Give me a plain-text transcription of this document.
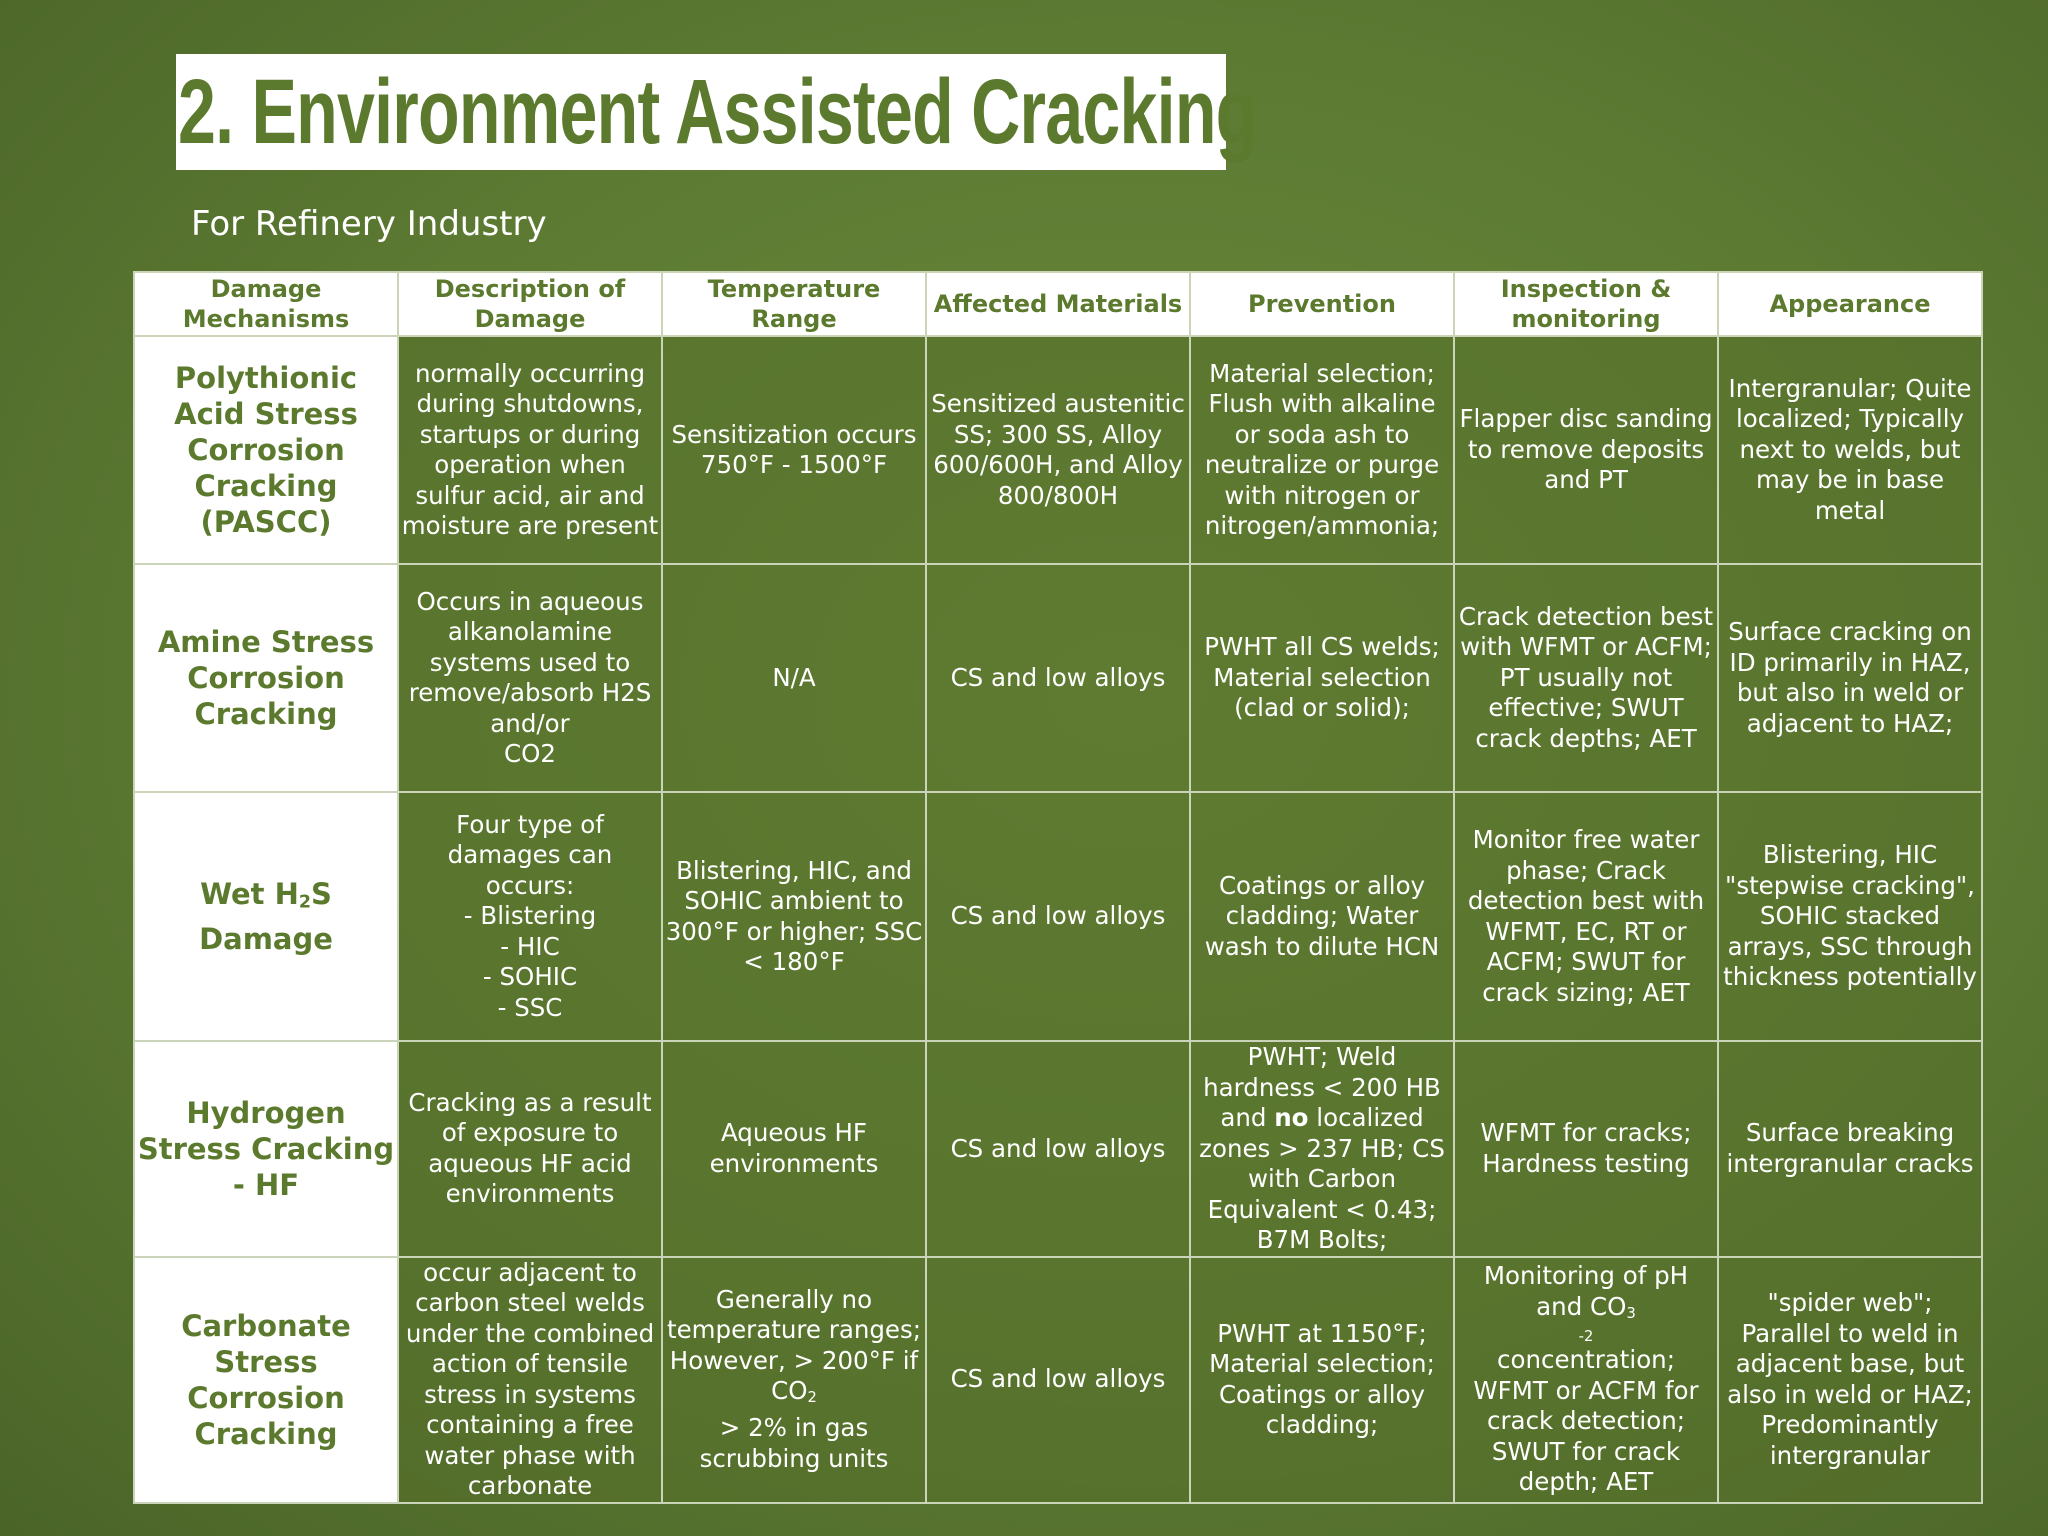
2. Environment Assisted Cracking
For Refinery Industry
Damage Mechanisms	Description of Damage	Temperature Range	Affected Materials	Prevention	Inspection & monitoring	Appearance
Polythionic Acid Stress Corrosion Cracking (PASCC)	normally occurring during shutdowns, startups or during operation when sulfur acid, air and moisture are present	Sensitization occurs 750°F - 1500°F	Sensitized austenitic SS; 300 SS, Alloy 600/600H, and Alloy 800/800H	Material selection; Flush with alkaline or soda ash to neutralize or purge with nitrogen or nitrogen/ammonia;	Flapper disc sanding to remove deposits and PT	Intergranular; Quite localized; Typically next to welds, but may be in base metal
Amine Stress Corrosion Cracking	Occurs in aqueous alkanolamine systems used to remove/absorb H2S and/or
CO2	N/A	CS and low alloys	PWHT all CS welds; Material selection (clad or solid);	Crack detection best with WFMT or ACFM; PT usually not effective; SWUT crack depths; AET	Surface cracking on ID primarily in HAZ, but also in weld or adjacent to HAZ;
Wet $H_2S$ Damage	Four type of damages can occurs:
- Blistering
- HIC
- SOHIC
- SSC	Blistering, HIC, and SOHIC ambient to 300°F or higher; SSC < 180°F	CS and low alloys	Coatings or alloy cladding; Water wash to dilute HCN	Monitor free water phase; Crack detection best with WFMT, EC, RT or ACFM; SWUT for crack sizing; AET	Blistering, HIC "stepwise cracking", SOHIC stacked arrays, SSC through thickness potentially
Hydrogen Stress Cracking - HF	Cracking as a result of exposure to aqueous HF acid environments	Aqueous HF environments	CS and low alloys	PWHT; Weld hardness < 200 HB and no localized zones > 237 HB; CS with Carbon Equivalent < 0.43; B7M Bolts;	WFMT for cracks; Hardness testing	Surface breaking intergranular cracks
Carbonate Stress Corrosion Cracking	occur adjacent to carbon steel welds under the combined action of tensile stress in systems containing a free water phase with carbonate	Generally no temperature ranges; However, > 200°F if $CO_2$
> 2% in gas scrubbing units	CS and low alloys	PWHT at 1150°F; Material selection; Coatings or alloy cladding;	Monitoring of pH and $CO_3$
-2
concentration; WFMT or ACFM for crack detection; SWUT for crack depth; AET	"spider web"; Parallel to weld in adjacent base, but also in weld or HAZ; Predominantly intergranular
